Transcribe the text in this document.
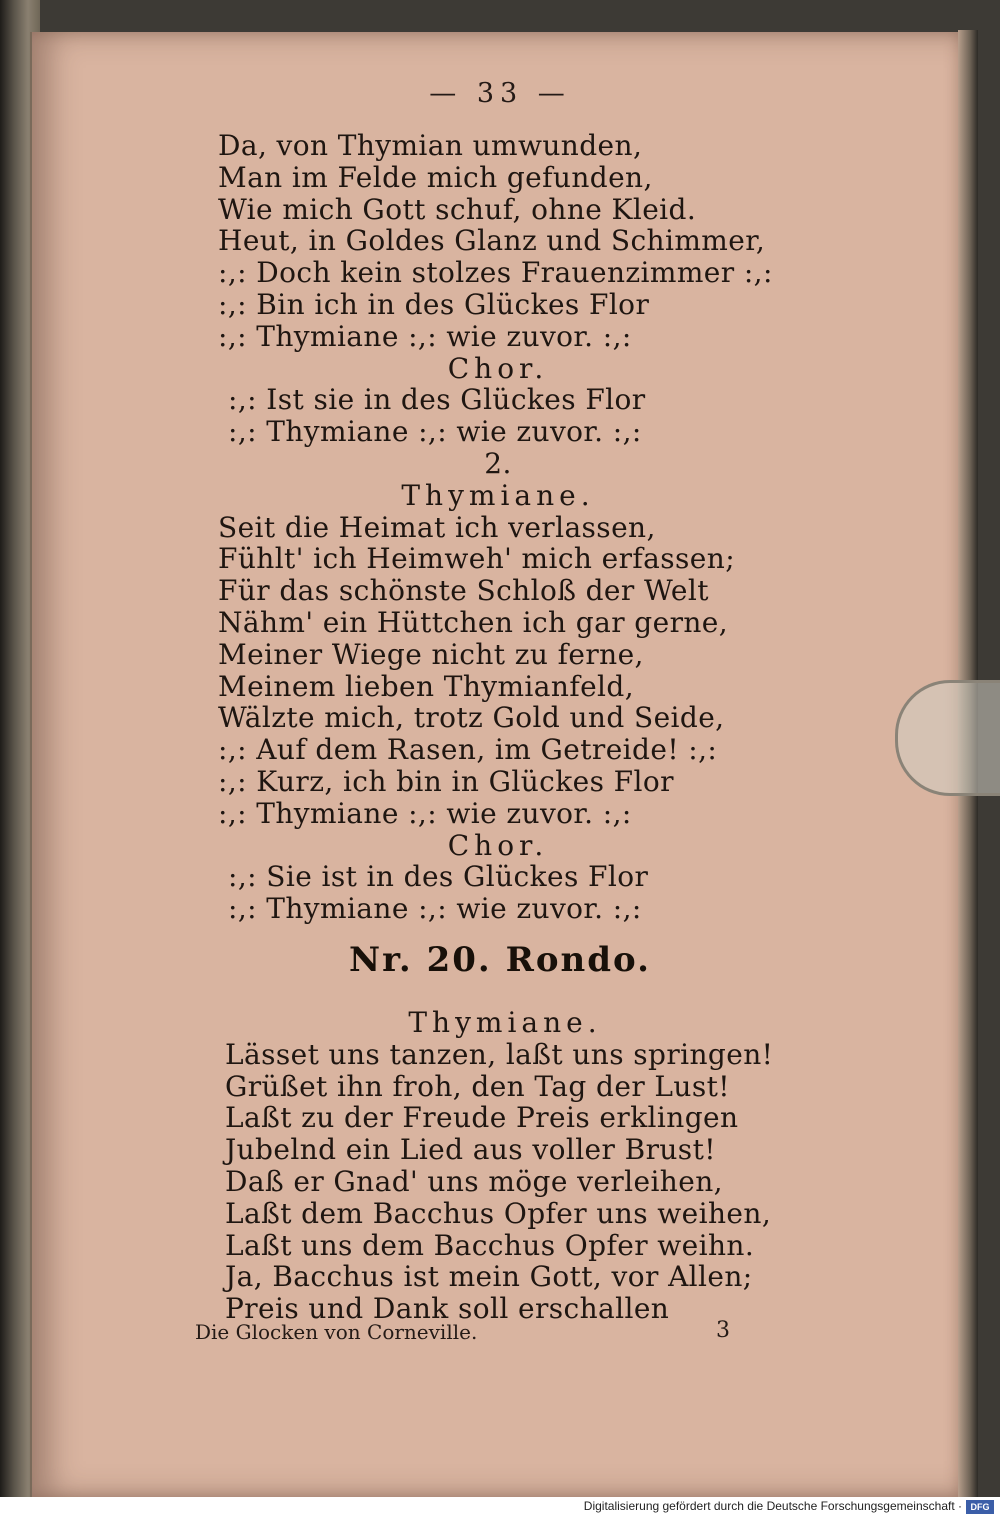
— 33 —
Da, von Thymian umwunden,
Man im Felde mich gefunden,
Wie mich Gott schuf, ohne Kleid.
Heut, in Goldes Glanz und Schimmer,
:,: Doch kein stolzes Frauenzimmer :,:
:,: Bin ich in des Glückes Flor
:,: Thymiane :,: wie zuvor. :,:
Chor.
:,: Ist sie in des Glückes Flor
:,: Thymiane :,: wie zuvor. :,:
2.
Thymiane.
Seit die Heimat ich verlassen,
Fühlt' ich Heimweh' mich erfassen;
Für das schönste Schloß der Welt
Nähm' ein Hüttchen ich gar gerne,
Meiner Wiege nicht zu ferne,
Meinem lieben Thymianfeld,
Wälzte mich, trotz Gold und Seide,
:,: Auf dem Rasen, im Getreide! :,:
:,: Kurz, ich bin in Glückes Flor
:,: Thymiane :,: wie zuvor. :,:
Chor.
:,: Sie ist in des Glückes Flor
:,: Thymiane :,: wie zuvor. :,:
Nr. 20. Rondo.
Thymiane.
Lässet uns tanzen, laßt uns springen!
Grüßet ihn froh, den Tag der Lust!
Laßt zu der Freude Preis erklingen
Jubelnd ein Lied aus voller Brust!
Daß er Gnad' uns möge verleihen,
Laßt dem Bacchus Opfer uns weihen,
Laßt uns dem Bacchus Opfer weihn.
Ja, Bacchus ist mein Gott, vor Allen;
Preis und Dank soll erschallen
Die Glocken von Corneville.	3
Digitalisierung gefördert durch die Deutsche Forschungsgemeinschaft · DFG
